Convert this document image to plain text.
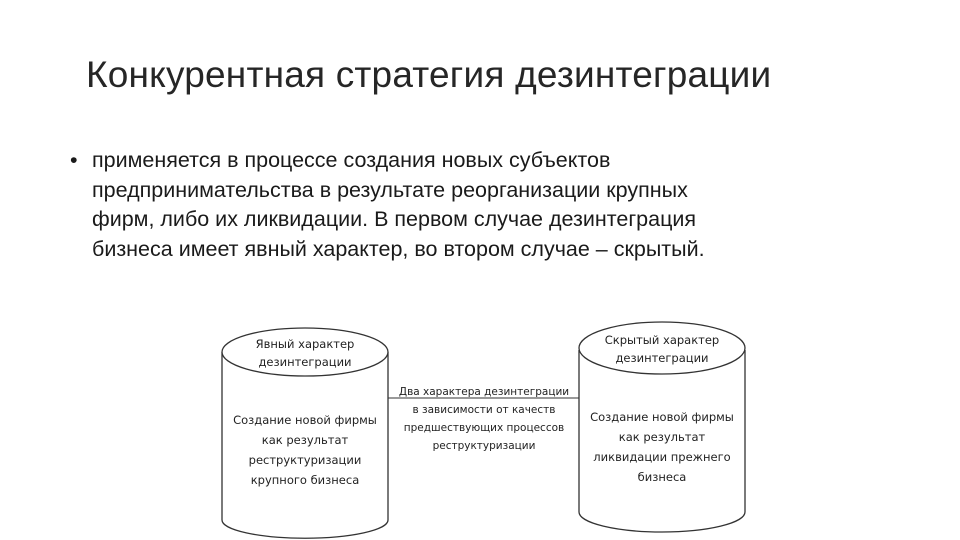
Конкурентная стратегия дезинтеграции
• применяется в процессе создания новых субъектов
предпринимательства в результате реорганизации крупных
фирм, либо их ликвидации. В первом случае дезинтеграция
бизнеса имеет явный характер, во втором случае – скрытый.
Явный характер
дезинтеграции
Создание новой фирмы
как результат
реструктуризации
крупного бизнеса
Скрытый характер
дезинтеграции
Создание новой фирмы
как результат
ликвидации прежнего
бизнеса
Два характера дезинтеграции
в зависимости от качеств
предшествующих процессов
реструктуризации
